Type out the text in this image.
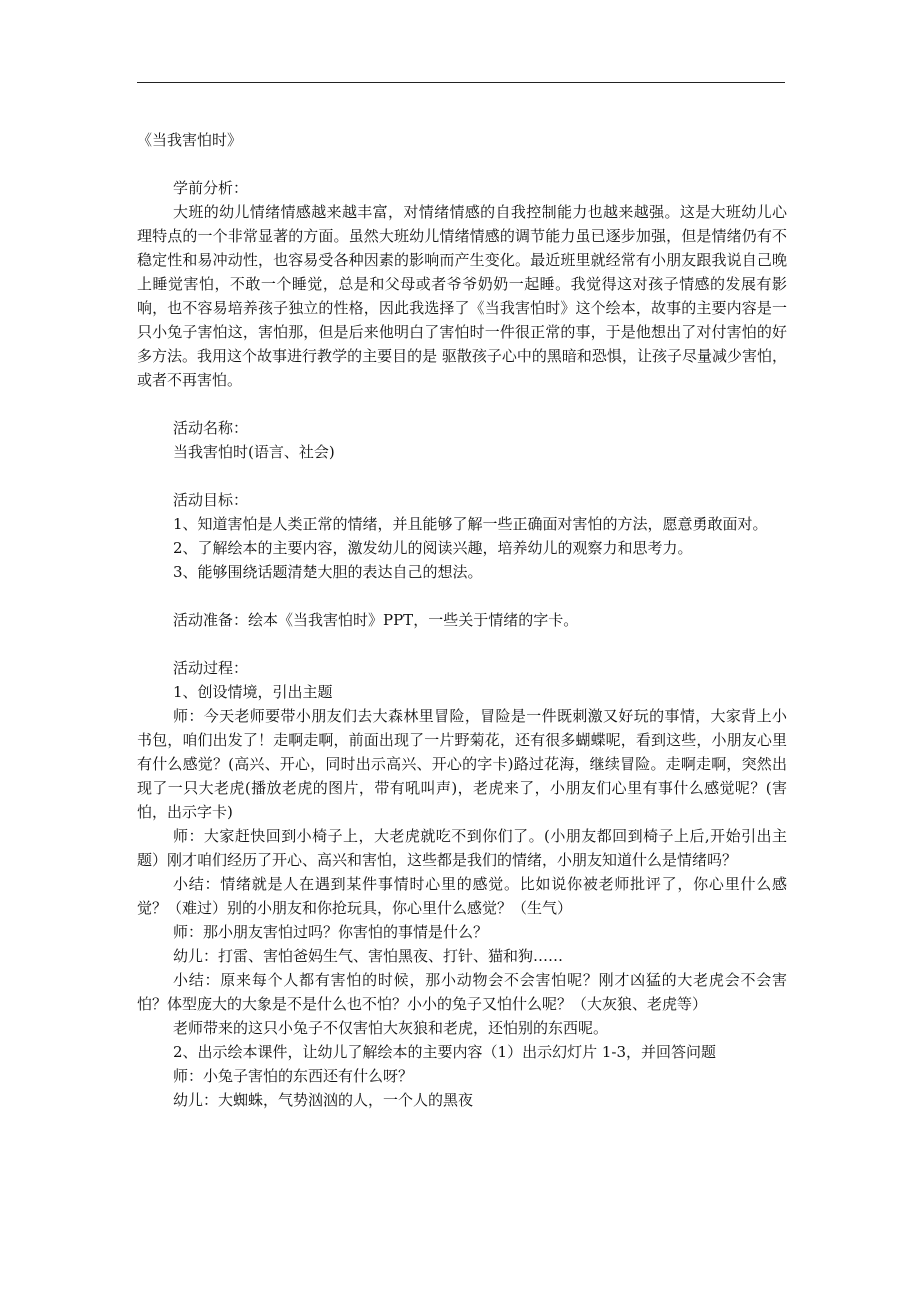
《当我害怕时》

学前分析：

大班的幼儿情绪情感越来越丰富，对情绪情感的自我控制能力也越来越强。这是大班幼儿心理特点的一个非常显著的方面。虽然大班幼儿情绪情感的调节能力虽已逐步加强，但是情绪仍有不稳定性和易冲动性，也容易受各种因素的影响而产生变化。最近班里就经常有小朋友跟我说自己晚上睡觉害怕，不敢一个睡觉，总是和父母或者爷爷奶奶一起睡。我觉得这对孩子情感的发展有影响，也不容易培养孩子独立的性格，因此我选择了《当我害怕时》这个绘本，故事的主要内容是一只小兔子害怕这，害怕那，但是后来他明白了害怕时一件很正常的事，于是他想出了对付害怕的好多方法。我用这个故事进行教学的主要目的是 驱散孩子心中的黑暗和恐惧，让孩子尽量减少害怕，或者不再害怕。

活动名称：

当我害怕时(语言、社会)

活动目标：

1、知道害怕是人类正常的情绪，并且能够了解一些正确面对害怕的方法，愿意勇敢面对。

2、了解绘本的主要内容，激发幼儿的阅读兴趣，培养幼儿的观察力和思考力。

3、能够围绕话题清楚大胆的表达自己的想法。

活动准备：绘本《当我害怕时》PPT，一些关于情绪的字卡。

活动过程：

1、创设情境，引出主题

师：今天老师要带小朋友们去大森林里冒险，冒险是一件既刺激又好玩的事情，大家背上小书包，咱们出发了！走啊走啊，前面出现了一片野菊花，还有很多蝴蝶呢，看到这些，小朋友心里有什么感觉？(高兴、开心，同时出示高兴、开心的字卡)路过花海，继续冒险。走啊走啊，突然出现了一只大老虎(播放老虎的图片，带有吼叫声)，老虎来了，小朋友们心里有事什么感觉呢？(害怕，出示字卡)

师：大家赶快回到小椅子上，大老虎就吃不到你们了。(小朋友都回到椅子上后,开始引出主题）刚才咱们经历了开心、高兴和害怕，这些都是我们的情绪，小朋友知道什么是情绪吗？

小结：情绪就是人在遇到某件事情时心里的感觉。比如说你被老师批评了，你心里什么感觉？（难过）别的小朋友和你抢玩具，你心里什么感觉？（生气）

师：那小朋友害怕过吗？你害怕的事情是什么？

幼儿：打雷、害怕爸妈生气、害怕黑夜、打针、猫和狗……

小结：原来每个人都有害怕的时候，那小动物会不会害怕呢？刚才凶猛的大老虎会不会害怕？体型庞大的大象是不是什么也不怕？小小的兔子又怕什么呢？（大灰狼、老虎等）

老师带来的这只小兔子不仅害怕大灰狼和老虎，还怕别的东西呢。

2、出示绘本课件，让幼儿了解绘本的主要内容（1）出示幻灯片 1-3，并回答问题

师：小兔子害怕的东西还有什么呀？

幼儿：大蜘蛛，气势汹汹的人，一个人的黑夜
